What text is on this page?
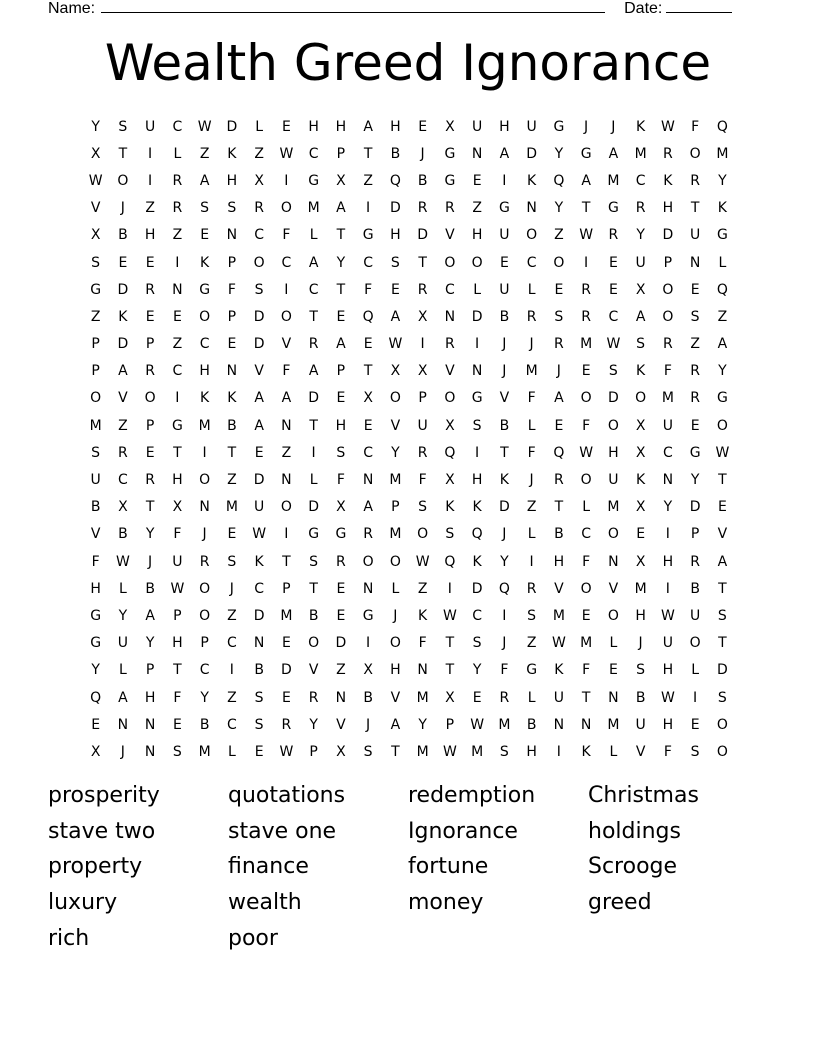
Name:	Date:
Wealth Greed Ignorance
Y	S	U	C	W	D	L	E	H	H	A	H	E	X	U	H	U	G	J	J	K	W	F	Q
X	T	I	L	Z	K	Z	W	C	P	T	B	J	G	N	A	D	Y	G	A	M	R	O	M
W	O	I	R	A	H	X	I	G	X	Z	Q	B	G	E	I	K	Q	A	M	C	K	R	Y
V	J	Z	R	S	S	R	O	M	A	I	D	R	R	Z	G	N	Y	T	G	R	H	T	K
X	B	H	Z	E	N	C	F	L	T	G	H	D	V	H	U	O	Z	W	R	Y	D	U	G
S	E	E	I	K	P	O	C	A	Y	C	S	T	O	O	E	C	O	I	E	U	P	N	L
G	D	R	N	G	F	S	I	C	T	F	E	R	C	L	U	L	E	R	E	X	O	E	Q
Z	K	E	E	O	P	D	O	T	E	Q	A	X	N	D	B	R	S	R	C	A	O	S	Z
P	D	P	Z	C	E	D	V	R	A	E	W	I	R	I	J	J	R	M	W	S	R	Z	A
P	A	R	C	H	N	V	F	A	P	T	X	X	V	N	J	M	J	E	S	K	F	R	Y
O	V	O	I	K	K	A	A	D	E	X	O	P	O	G	V	F	A	O	D	O	M	R	G
M	Z	P	G	M	B	A	N	T	H	E	V	U	X	S	B	L	E	F	O	X	U	E	O
S	R	E	T	I	T	E	Z	I	S	C	Y	R	Q	I	T	F	Q	W	H	X	C	G	W
U	C	R	H	O	Z	D	N	L	F	N	M	F	X	H	K	J	R	O	U	K	N	Y	T
B	X	T	X	N	M	U	O	D	X	A	P	S	K	K	D	Z	T	L	M	X	Y	D	E
V	B	Y	F	J	E	W	I	G	G	R	M	O	S	Q	J	L	B	C	O	E	I	P	V
F	W	J	U	R	S	K	T	S	R	O	O	W	Q	K	Y	I	H	F	N	X	H	R	A
H	L	B	W	O	J	C	P	T	E	N	L	Z	I	D	Q	R	V	O	V	M	I	B	T
G	Y	A	P	O	Z	D	M	B	E	G	J	K	W	C	I	S	M	E	O	H	W	U	S
G	U	Y	H	P	C	N	E	O	D	I	O	F	T	S	J	Z	W	M	L	J	U	O	T
Y	L	P	T	C	I	B	D	V	Z	X	H	N	T	Y	F	G	K	F	E	S	H	L	D
Q	A	H	F	Y	Z	S	E	R	N	B	V	M	X	E	R	L	U	T	N	B	W	I	S
E	N	N	E	B	C	S	R	Y	V	J	A	Y	P	W	M	B	N	N	M	U	H	E	O
X	J	N	S	M	L	E	W	P	X	S	T	M	W	M	S	H	I	K	L	V	F	S	O
prosperity	quotations	redemption	Christmas
stave two	stave one	Ignorance	holdings
property	finance	fortune	Scrooge
luxury	wealth	money	greed
rich	poor
